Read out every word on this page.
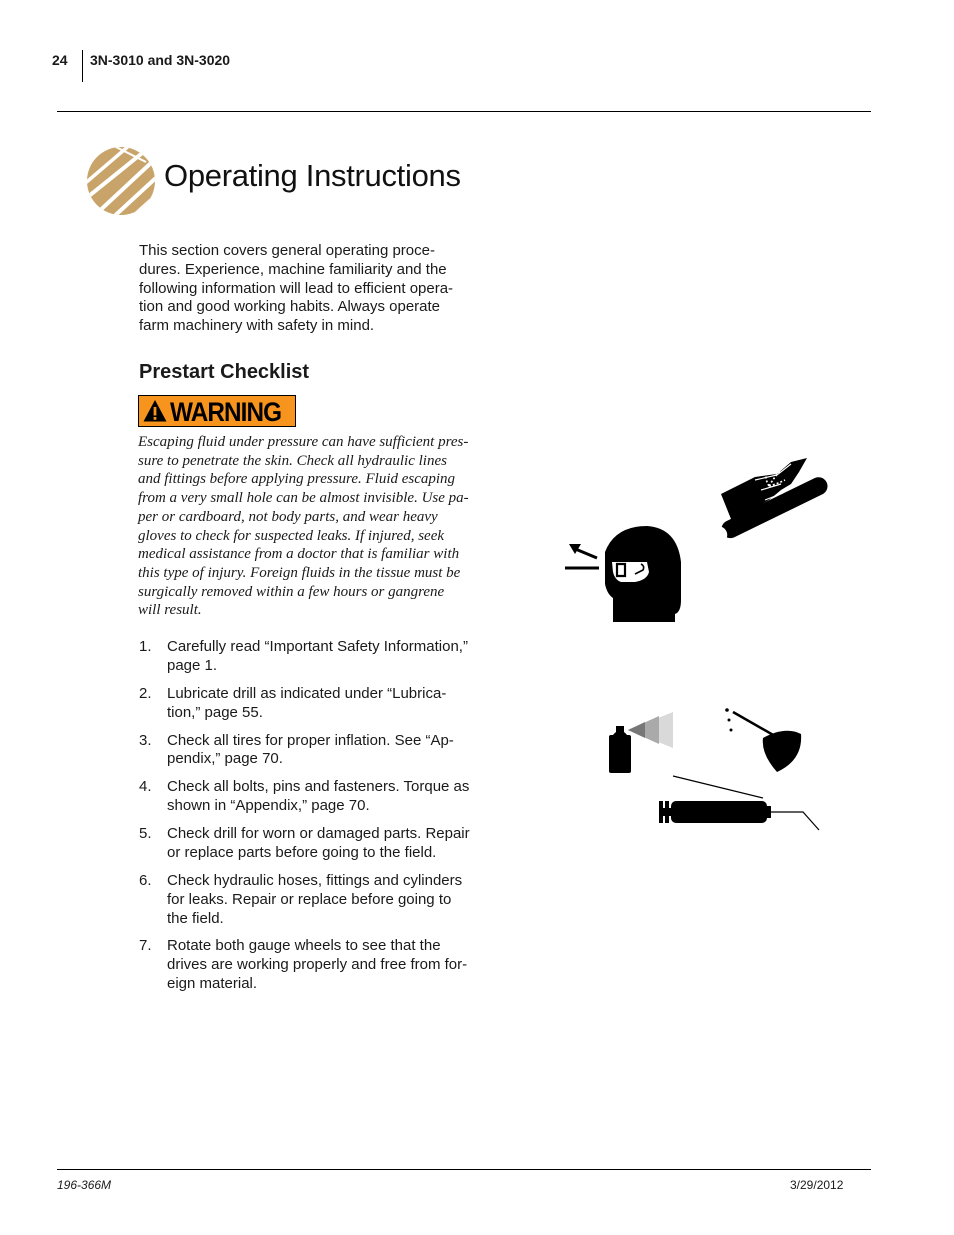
24 3N-3010 and 3N-3020
Operating Instructions
This section covers general operating proce-
dures. Experience, machine familiarity and the
following information will lead to efficient opera-
tion and good working habits. Always operate
farm machinery with safety in mind.
Prestart Checklist
WARNING
Escaping fluid under pressure can have sufficient pres-
sure to penetrate the skin. Check all hydraulic lines
and fittings before applying pressure. Fluid escaping
from a very small hole can be almost invisible. Use pa-
per or cardboard, not body parts, and wear heavy
gloves to check for suspected leaks. If injured, seek
medical assistance from a doctor that is familiar with
this type of injury. Foreign fluids in the tissue must be
surgically removed within a few hours or gangrene
will result.
1. Carefully read “Important Safety Information,”
page 1.
2. Lubricate drill as indicated under “Lubrica-
tion,” page 55.
3. Check all tires for proper inflation. See “Ap-
pendix,” page 70.
4. Check all bolts, pins and fasteners. Torque as
shown in “Appendix,” page 70.
5. Check drill for worn or damaged parts. Repair
or replace parts before going to the field.
6. Check hydraulic hoses, fittings and cylinders
for leaks. Repair or replace before going to
the field.
7. Rotate both gauge wheels to see that the
drives are working properly and free from for-
eign material.
196-366M	3/29/2012
